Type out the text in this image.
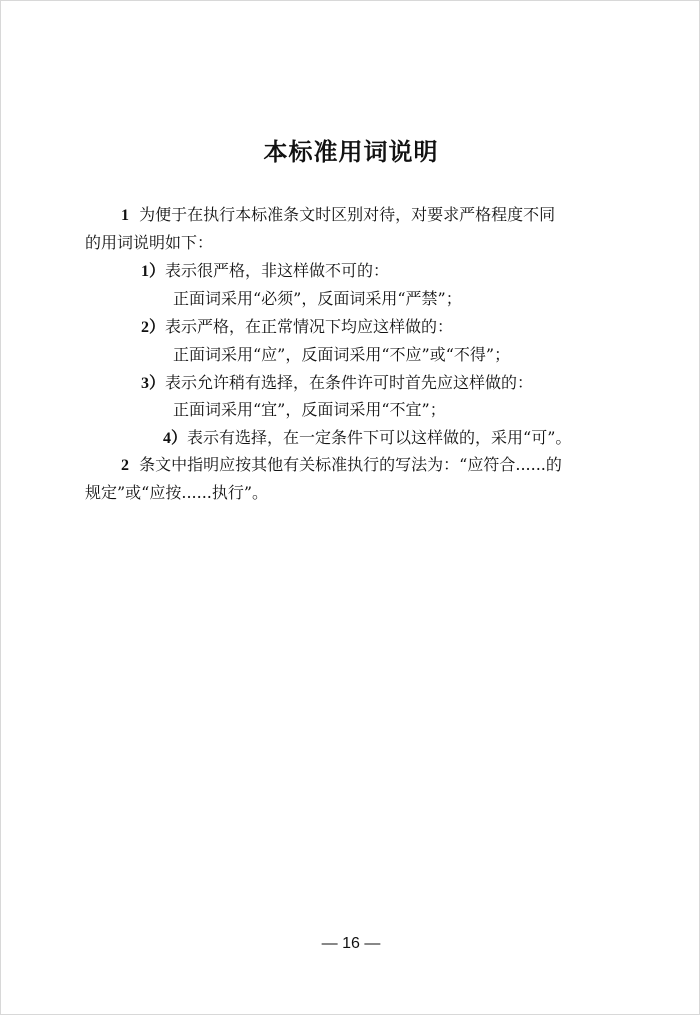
本标准用词说明
1 为便于在执行本标准条文时区别对待，对要求严格程度不同
的用词说明如下：
1）表示很严格，非这样做不可的：
正面词采用“必须”，反面词采用“严禁”；
2）表示严格，在正常情况下均应这样做的：
正面词采用“应”，反面词采用“不应”或“不得”；
3）表示允许稍有选择，在条件许可时首先应这样做的：
正面词采用“宜”，反面词采用“不宜”；
4）表示有选择，在一定条件下可以这样做的，采用“可”。
2 条文中指明应按其他有关标准执行的写法为：“应符合......的
规定”或“应按......执行”。
— 16 —
